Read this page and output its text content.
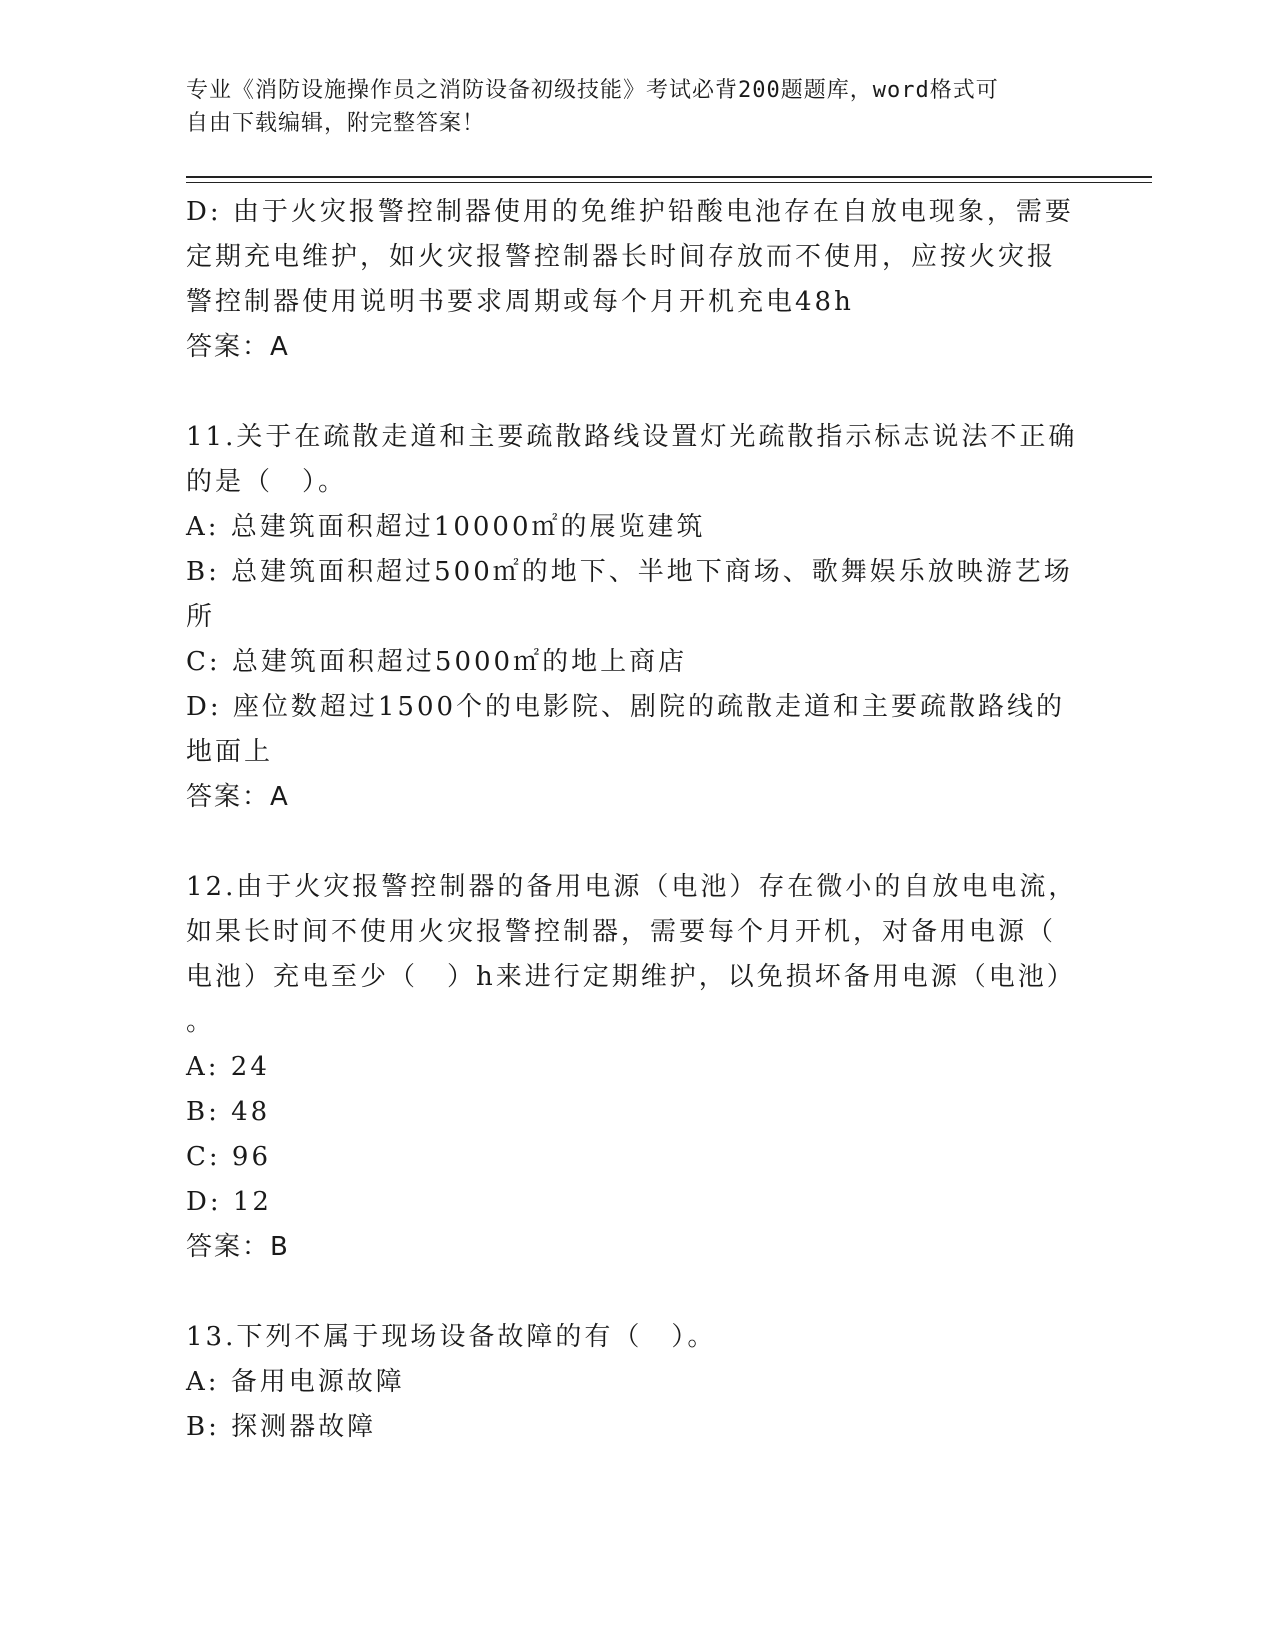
专业《消防设施操作员之消防设备初级技能》考试必背200题题库，word格式可
自由下载编辑，附完整答案！
D: 由于火灾报警控制器使用的免维护铅酸电池存在自放电现象，需要
定期充电维护，如火灾报警控制器长时间存放而不使用，应按火灾报
警控制器使用说明书要求周期或每个月开机充电48h
答案：A
11.关于在疏散走道和主要疏散路线设置灯光疏散指示标志说法不正确
的是（　）。
A: 总建筑面积超过10000㎡的展览建筑
B: 总建筑面积超过500㎡的地下、半地下商场、歌舞娱乐放映游艺场
所
C: 总建筑面积超过5000㎡的地上商店
D: 座位数超过1500个的电影院、剧院的疏散走道和主要疏散路线的
地面上
答案：A
12.由于火灾报警控制器的备用电源（电池）存在微小的自放电电流，
如果长时间不使用火灾报警控制器，需要每个月开机，对备用电源（
电池）充电至少（　）h来进行定期维护，以免损坏备用电源（电池）
。
A: 24
B: 48
C: 96
D: 12
答案：B
13.下列不属于现场设备故障的有（　）。
A: 备用电源故障
B: 探测器故障
